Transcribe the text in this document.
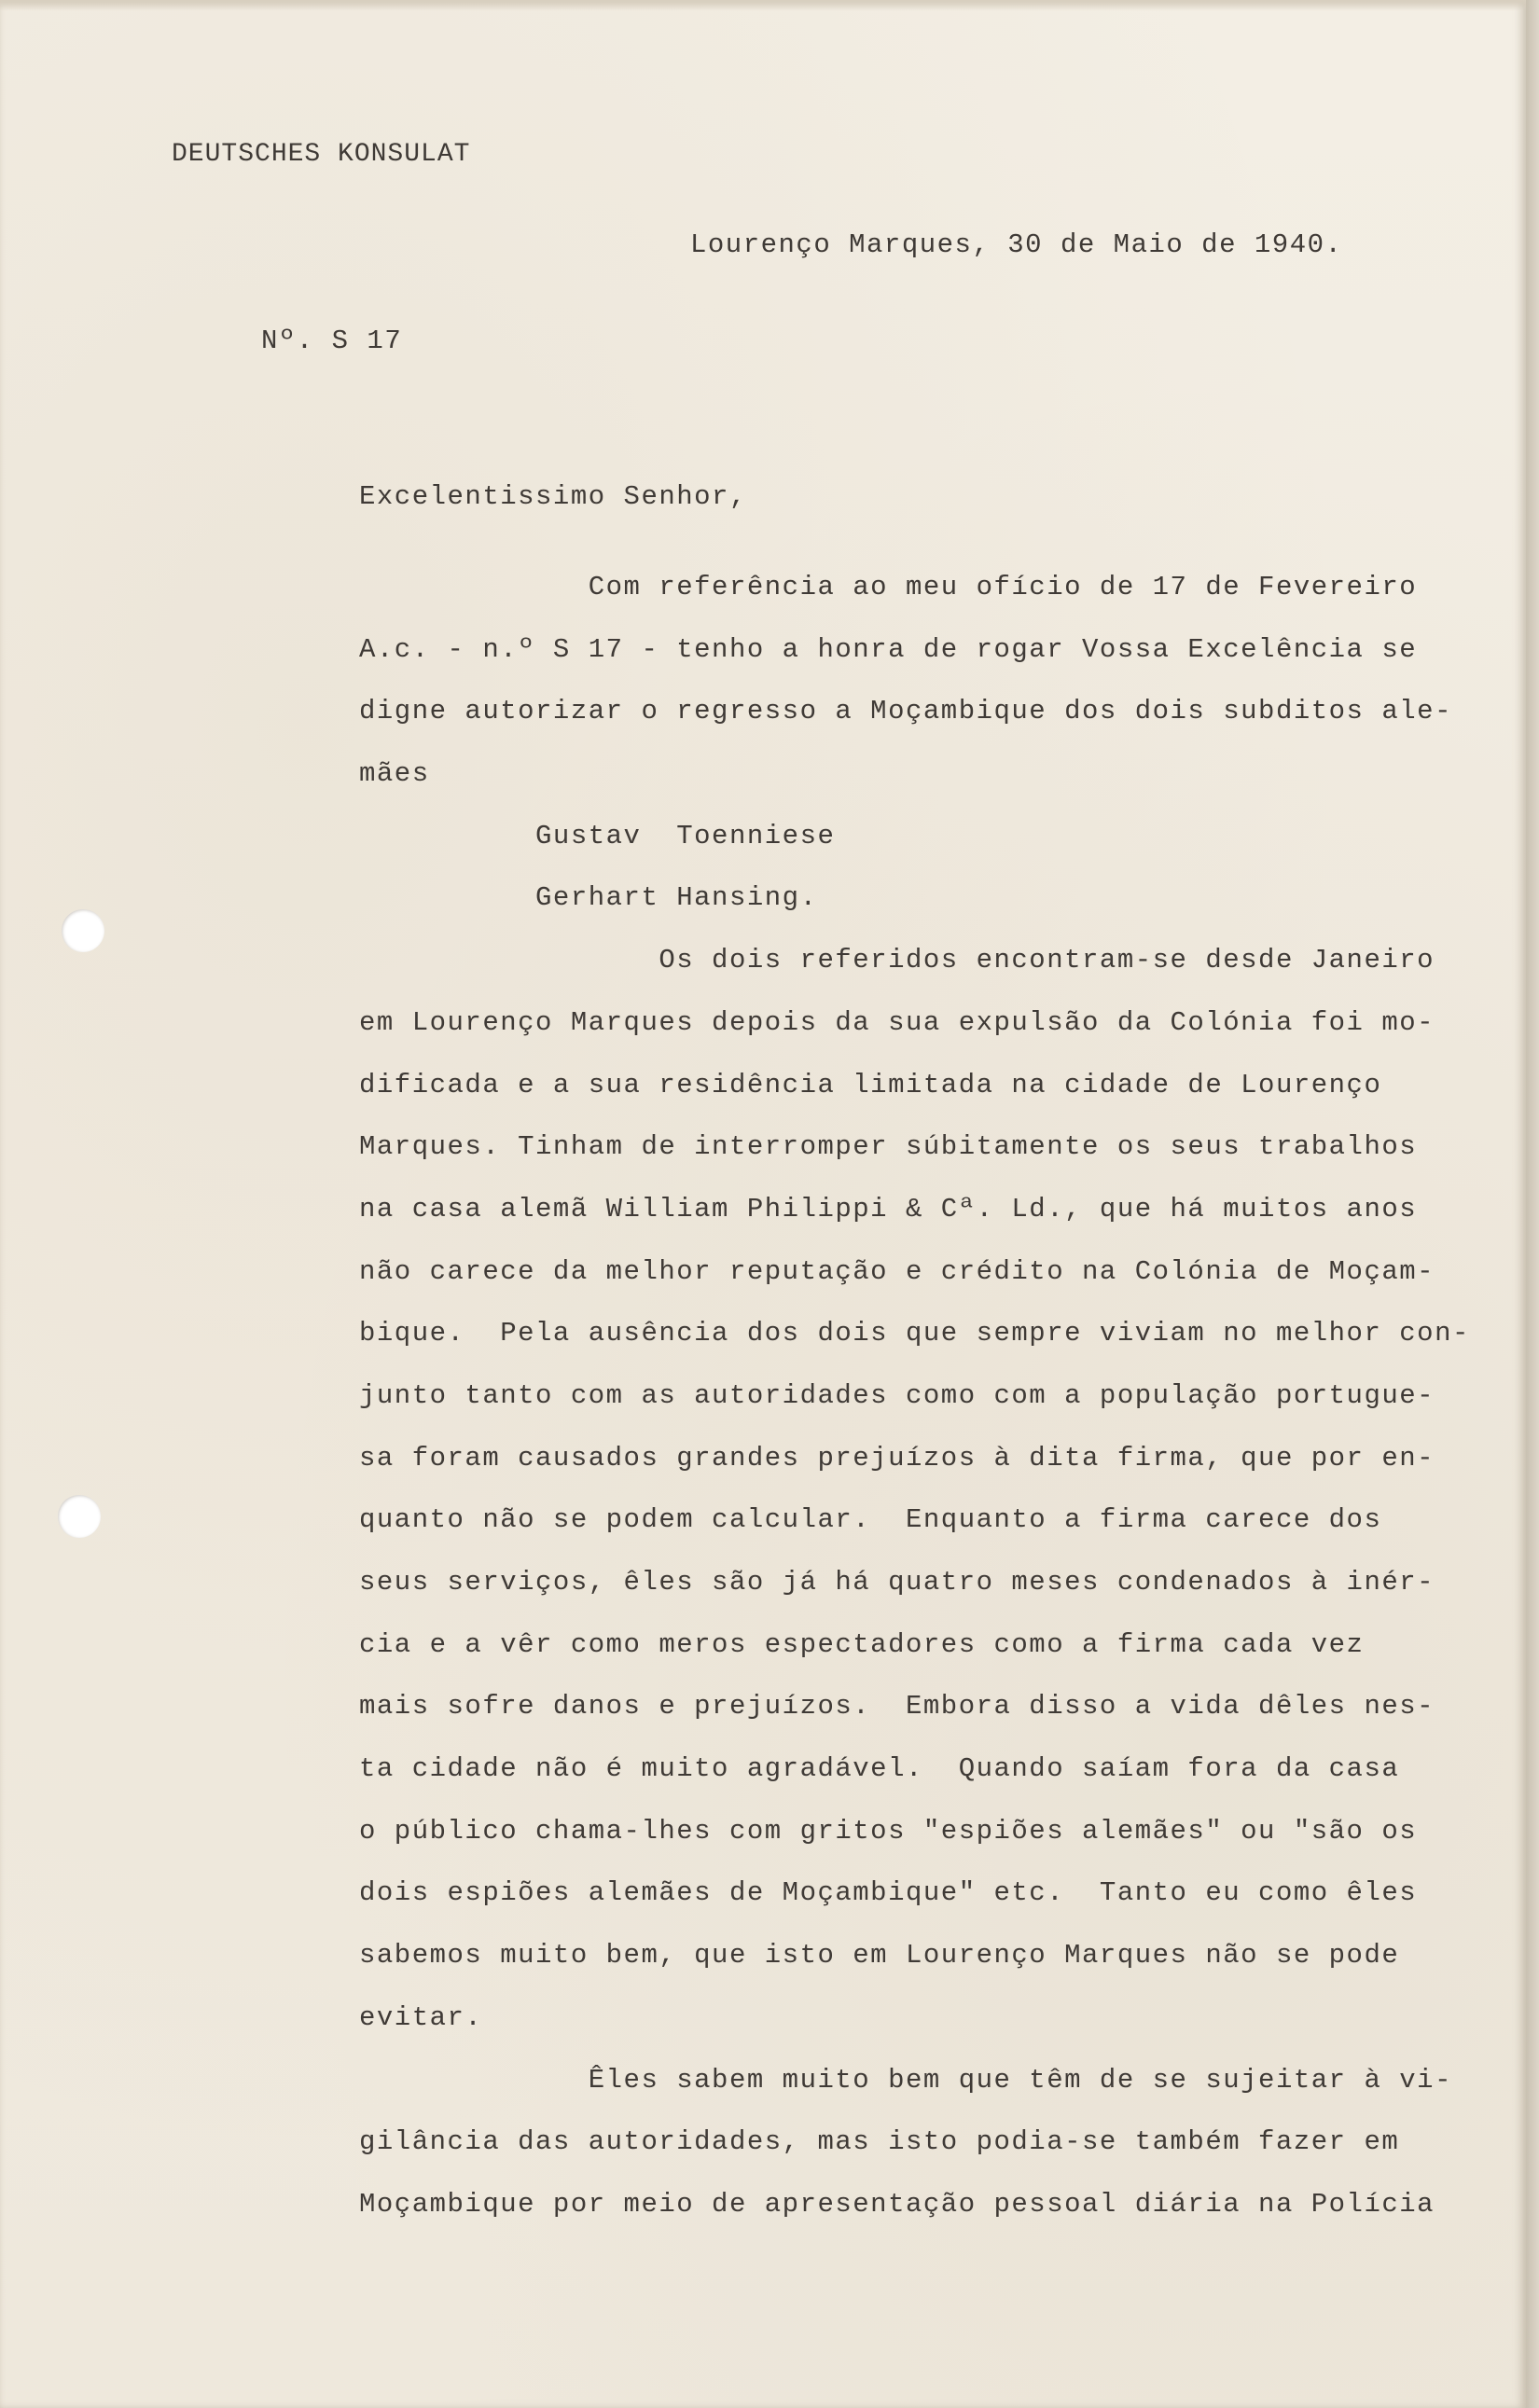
DEUTSCHES KONSULAT

Lourenço Marques, 30 de Maio de 1940.

Nº. S 17

Excelentissimo Senhor,

Com referência ao meu ofício de 17 de Fevereiro
A.c. - n.º S 17 - tenho a honra de rogar Vossa Excelência se
digne autorizar o regresso a Moçambique dos dois subditos ale-
mães
Gustav  Toenniese
Gerhart Hansing.
Os dois referidos encontram-se desde Janeiro
em Lourenço Marques depois da sua expulsão da Colónia foi mo-
dificada e a sua residência limitada na cidade de Lourenço
Marques. Tinham de interromper súbitamente os seus trabalhos
na casa alemã William Philippi & Cª. Ld., que há muitos anos
não carece da melhor reputação e crédito na Colónia de Moçam-
bique.  Pela ausência dos dois que sempre viviam no melhor con-
junto tanto com as autoridades como com a população portugue-
sa foram causados grandes prejuízos à dita firma, que por en-
quanto não se podem calcular.  Enquanto a firma carece dos
seus serviços, êles são já há quatro meses condenados à inér-
cia e a vêr como meros espectadores como a firma cada vez
mais sofre danos e prejuízos.  Embora disso a vida dêles nes-
ta cidade não é muito agradável.  Quando saíam fora da casa
o público chama-lhes com gritos "espiões alemães" ou "são os
dois espiões alemães de Moçambique" etc.  Tanto eu como êles
sabemos muito bem, que isto em Lourenço Marques não se pode
evitar.
Êles sabem muito bem que têm de se sujeitar à vi-
gilância das autoridades, mas isto podia-se também fazer em
Moçambique por meio de apresentação pessoal diária na Polícia
